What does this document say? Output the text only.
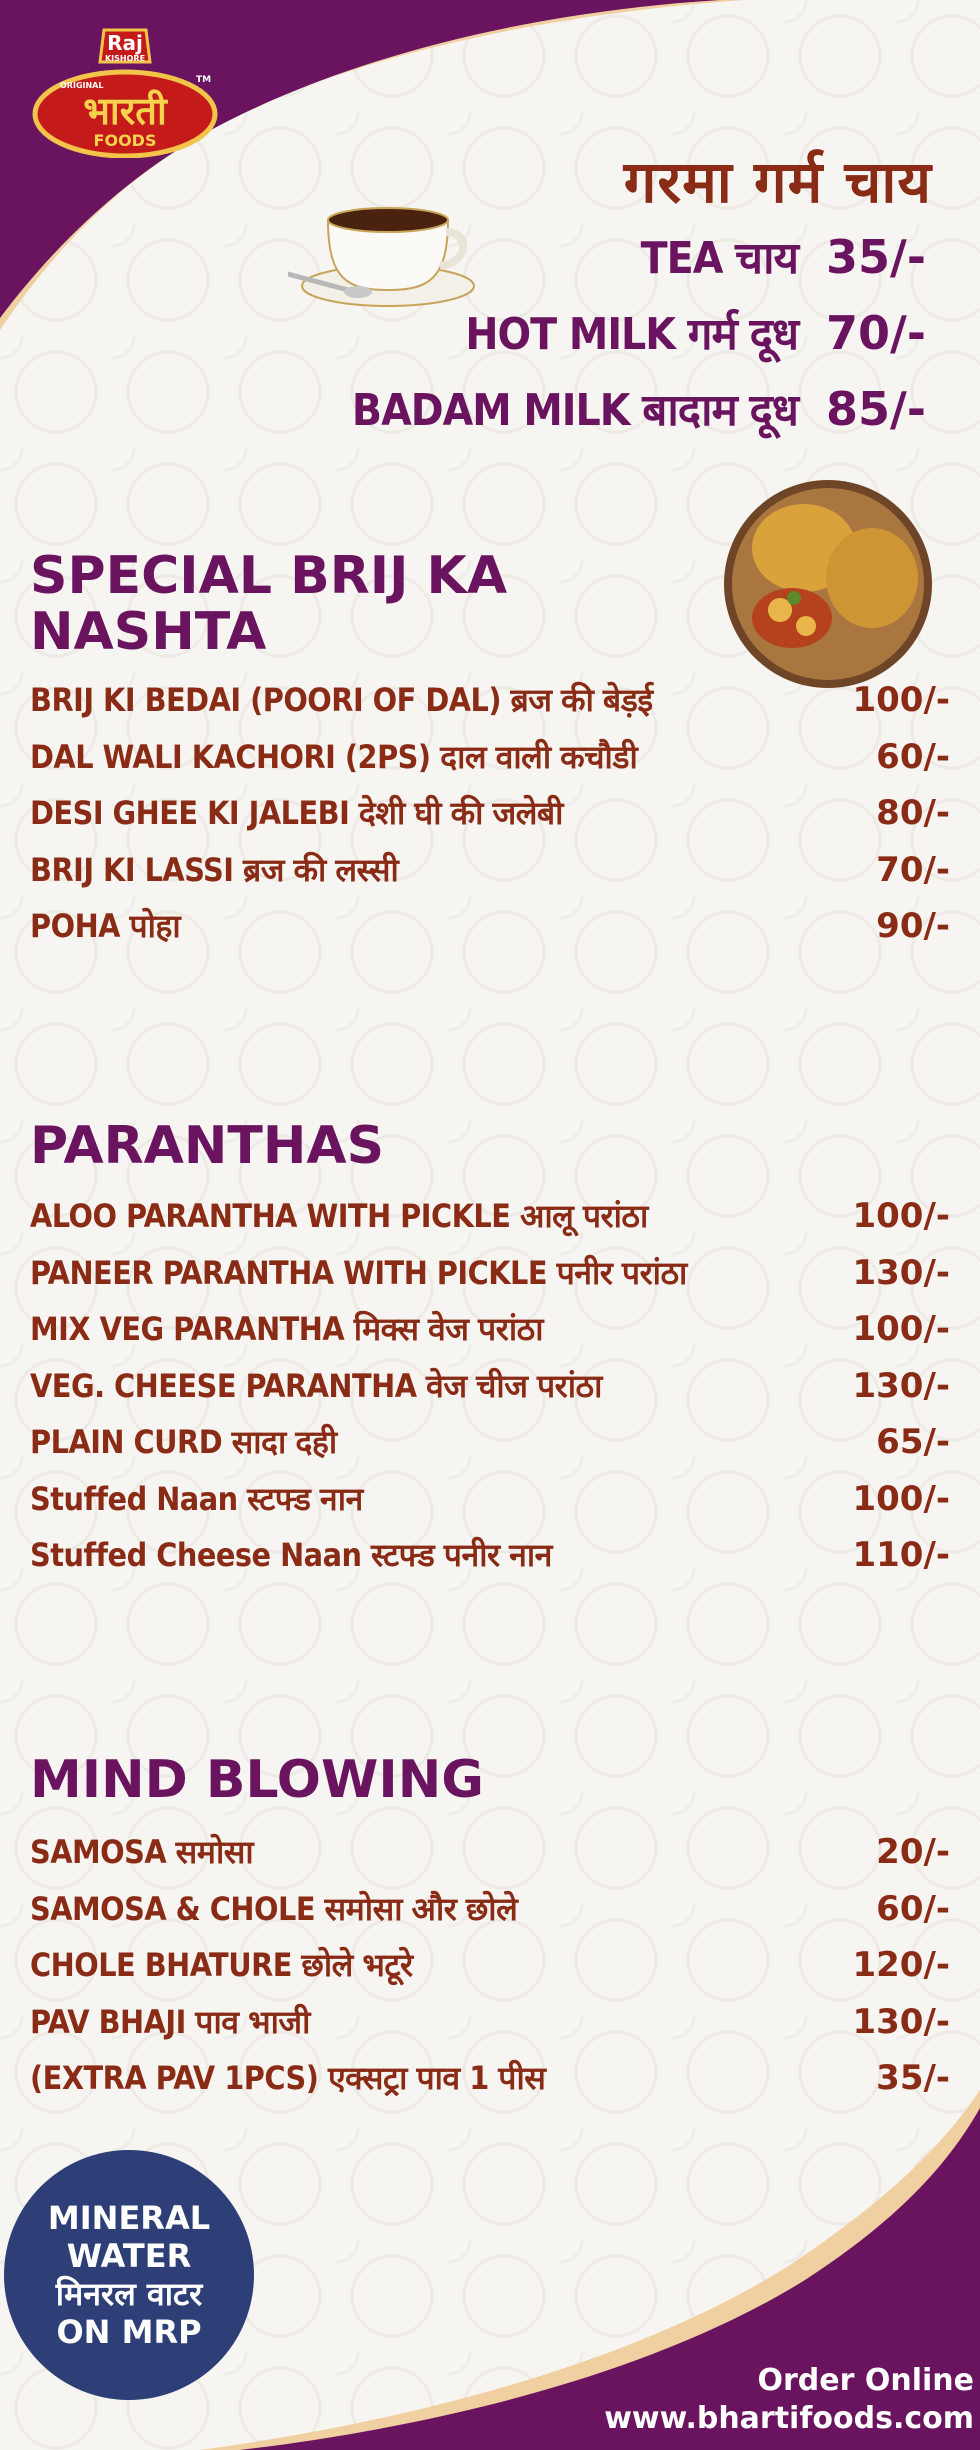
Raj
KISHORE
ORIGINAL
TM
भारती
FOODS
गरमा गर्म चाय
TEA चाय 35/-
HOT MILK गर्म दूध 70/-
BADAM MILK बादाम दूध 85/-
SPECIAL BRIJ KA
NASHTA
BRIJ KI BEDAI (POORI OF DAL) ब्रज की बेड़ई	100/-
DAL WALI KACHORI (2PS) दाल वाली कचौडी	60/-
DESI GHEE KI JALEBI देशी घी की जलेबी	80/-
BRIJ KI LASSI ब्रज की लस्सी	70/-
POHA पोहा	90/-
PARANTHAS
ALOO PARANTHA WITH PICKLE आलू परांठा	100/-
PANEER PARANTHA WITH PICKLE पनीर परांठा	130/-
MIX VEG PARANTHA मिक्स वेज परांठा	100/-
VEG. CHEESE PARANTHA वेज चीज परांठा	130/-
PLAIN CURD सादा दही	65/-
Stuffed Naan स्टफ्ड नान	100/-
Stuffed Cheese Naan स्टफ्ड पनीर नान	110/-
MIND BLOWING
SAMOSA समोसा	20/-
SAMOSA & CHOLE समोसा और छोले	60/-
CHOLE BHATURE छोले भटूरे	120/-
PAV BHAJI पाव भाजी	130/-
(EXTRA PAV 1PCS) एक्सट्रा पाव 1 पीस	35/-
MINERAL
WATER
मिनरल वाटर
ON MRP
Order Online
www.bhartifoods.com
